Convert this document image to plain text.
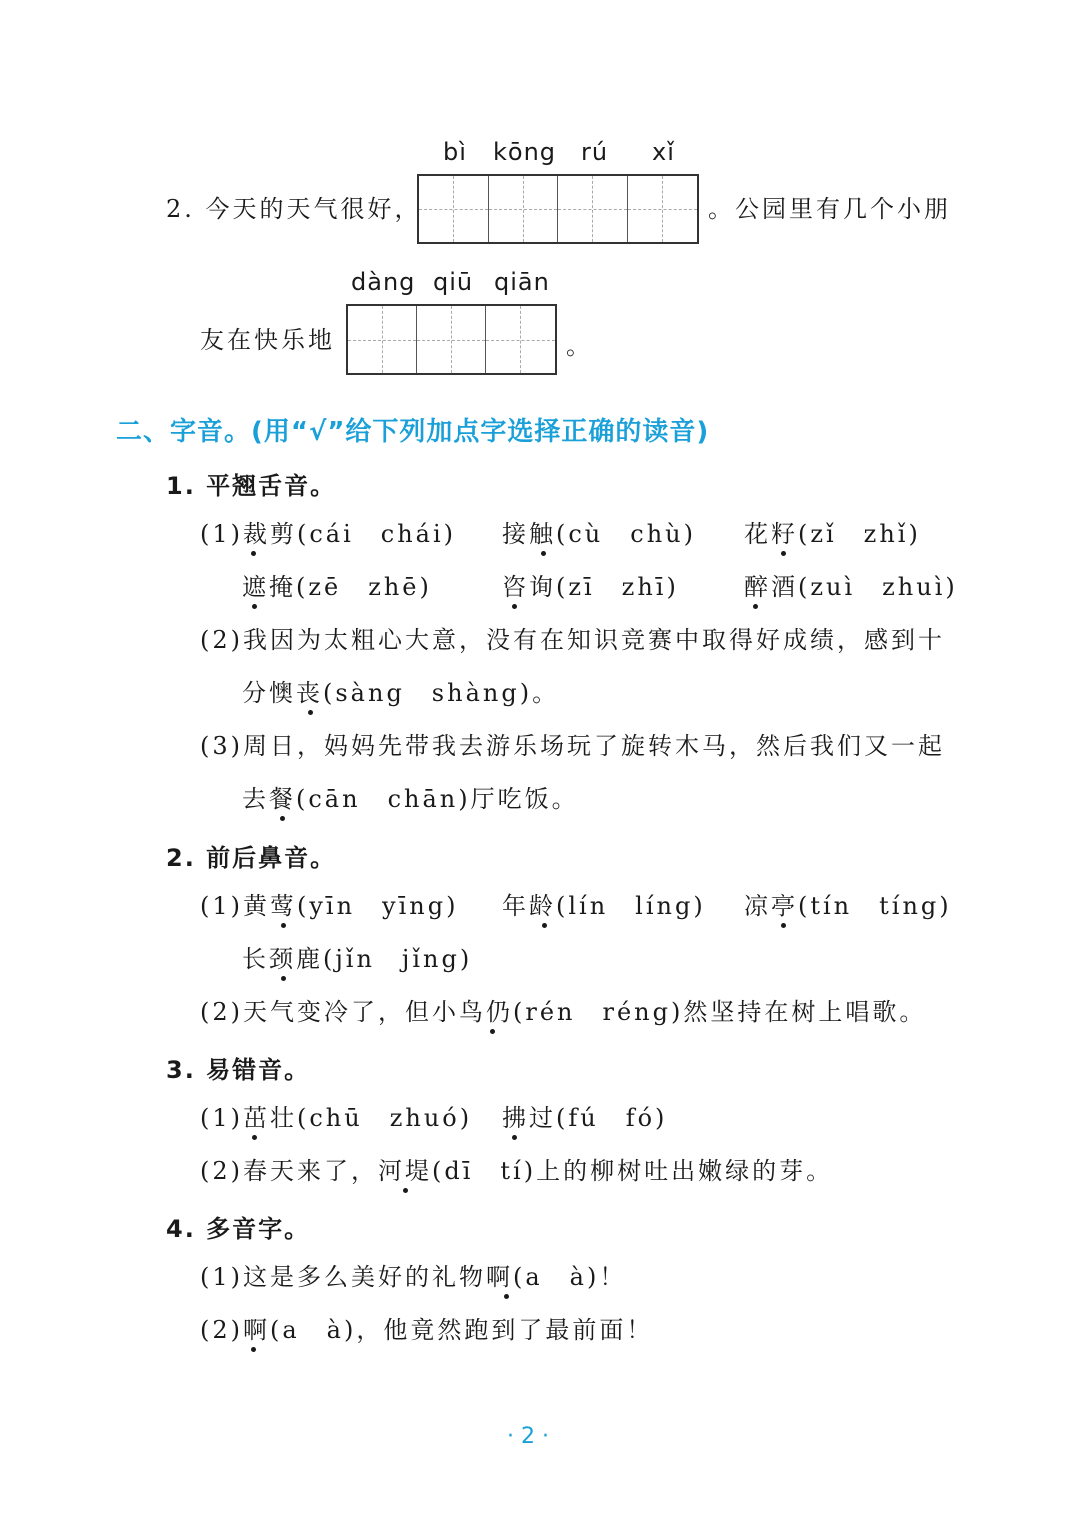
bì kōng rú xǐ
2. 今天的天气很好，	。公园里有几个小朋
dàng qiū qiān
友在快乐地	。
二、字音。(用“√”给下列加点字选择正确的读音)
1. 平翘舌音。
(1)裁剪(cái　chái) 接触(cù　chù) 花籽(zǐ　zhǐ)
遮掩(zē　zhē)	咨询(zī　zhī)	醉酒(zuì　zhuì)
(2)我因为太粗心大意，没有在知识竞赛中取得好成绩，感到十
分懊丧(sàng　shàng)。
(3)周日，妈妈先带我去游乐场玩了旋转木马，然后我们又一起
去餐(cān　chān)厅吃饭。
2. 前后鼻音。
(1)黄莺(yīn　yīng) 年龄(lín　líng) 凉亭(tín　tíng)
长颈鹿(jǐn　jǐng)
(2)天气变冷了，但小鸟仍(rén　réng)然坚持在树上唱歌。
3. 易错音。
(1)茁壮(chū　zhuó) 拂过(fú　fó)
(2)春天来了，河堤(dī　tí)上的柳树吐出嫩绿的芽。
4. 多音字。
(1)这是多么美好的礼物啊(a　à)！
(2)啊(a　à)，他竟然跑到了最前面！
· 2 ·
